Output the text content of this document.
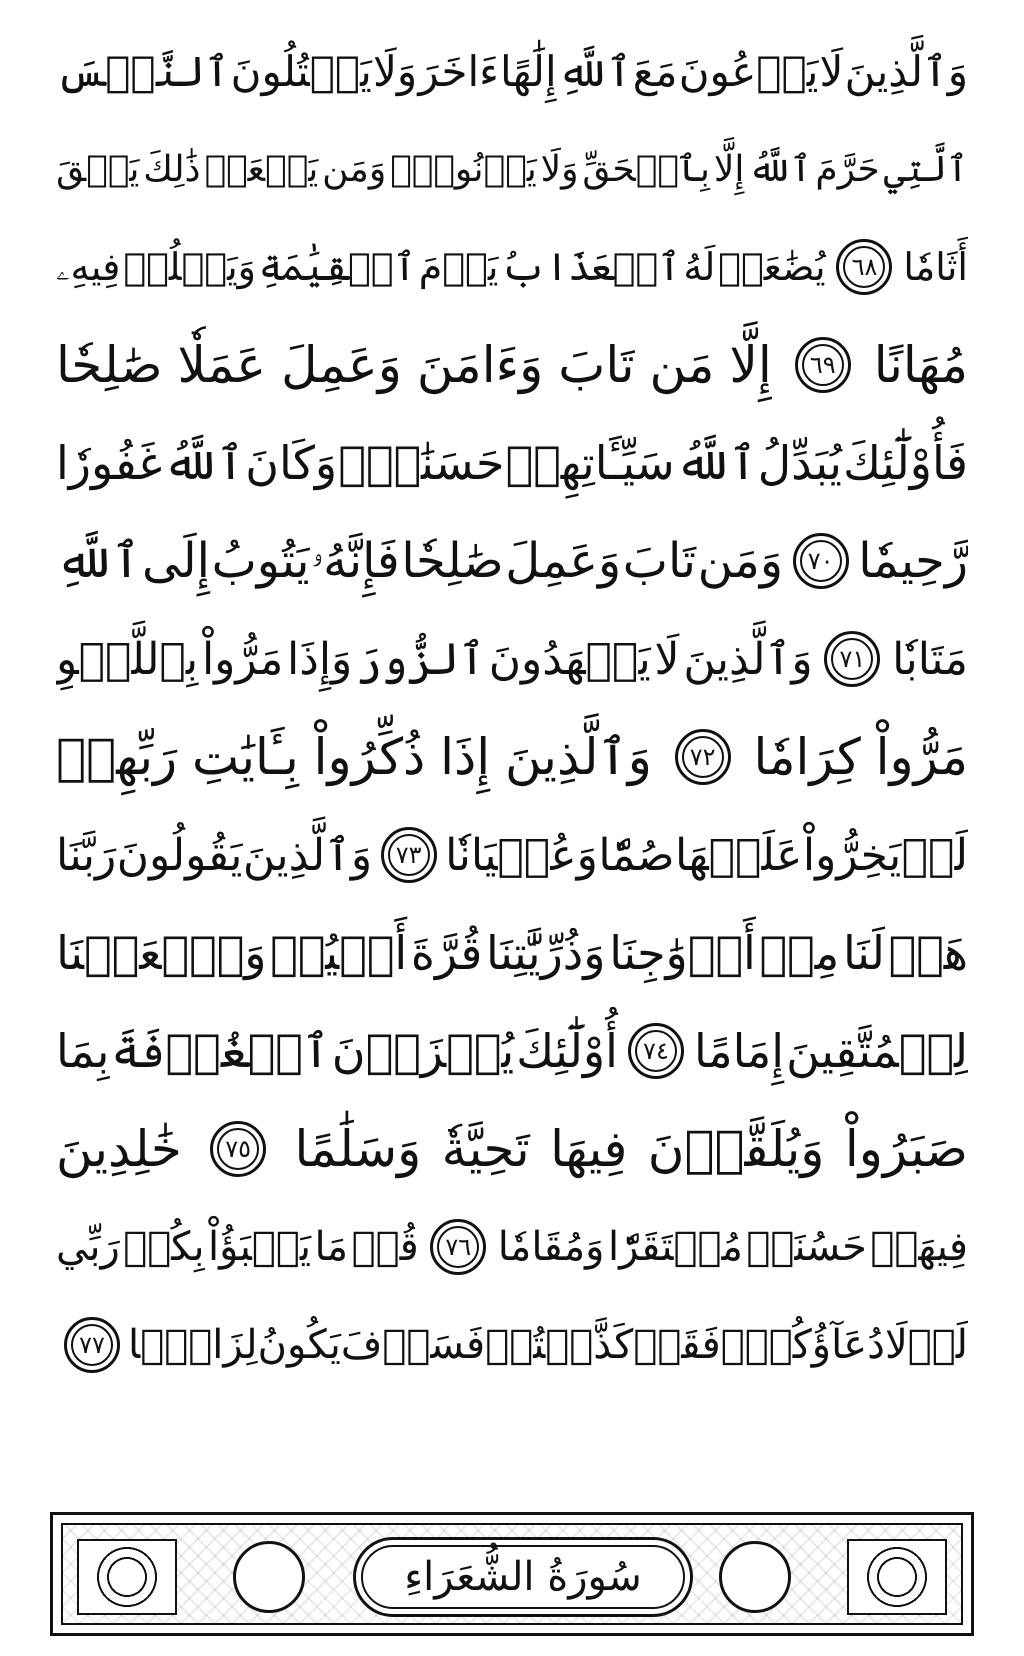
وَٱلَّذِينَ
لَا
يَدۡعُونَ
مَعَ
ٱللَّهِ
إِلَٰهًا
ءَاخَرَ
وَلَا
يَقۡتُلُونَ
ٱلنَّفۡسَ
ٱلَّتِي
حَرَّمَ
ٱللَّهُ
إِلَّا
بِٱلۡحَقِّ
وَلَا
يَزۡنُونَۚ
وَمَن
يَفۡعَلۡ
ذَٰلِكَ
يَلۡقَ
أَثَامٗا
٦٨
يُضَٰعَفۡ
لَهُ
ٱلۡعَذَابُ
يَوۡمَ
ٱلۡقِيَٰمَةِ
وَيَخۡلُدۡ
فِيهِۦ
مُهَانًا
٦٩
إِلَّا
مَن
تَابَ
وَءَامَنَ
وَعَمِلَ
عَمَلٗا
صَٰلِحٗا
فَأُوْلَٰٓئِكَ
يُبَدِّلُ
ٱللَّهُ
سَيِّـَٔاتِهِمۡ
حَسَنَٰتٖۗ
وَكَانَ
ٱللَّهُ
غَفُورٗا
رَّحِيمٗا
٧٠
وَمَن
تَابَ
وَعَمِلَ
صَٰلِحٗا
فَإِنَّهُۥ
يَتُوبُ
إِلَى
ٱللَّهِ
مَتَابٗا
٧١
وَٱلَّذِينَ
لَا
يَشۡهَدُونَ
ٱلزُّورَ
وَإِذَا
مَرُّواْ
بِٱللَّغۡوِ
مَرُّواْ
كِرَامٗا
٧٢
وَٱلَّذِينَ
إِذَا
ذُكِّرُواْ
بِـَٔايَٰتِ
رَبِّهِمۡ
لَمۡ
يَخِرُّواْ
عَلَيۡهَا
صُمّٗا
وَعُمۡيَانٗا
٧٣
وَٱلَّذِينَ
يَقُولُونَ
رَبَّنَا
هَبۡ
لَنَا
مِنۡ
أَزۡوَٰجِنَا
وَذُرِّيَّٰتِنَا
قُرَّةَ
أَعۡيُنٖ
وَٱجۡعَلۡنَا
لِلۡمُتَّقِينَ
إِمَامًا
٧٤
أُوْلَٰٓئِكَ
يُجۡزَوۡنَ
ٱلۡغُرۡفَةَ
بِمَا
صَبَرُواْ
وَيُلَقَّوۡنَ
فِيهَا
تَحِيَّةٗ
وَسَلَٰمًا
٧٥
خَٰلِدِينَ
فِيهَاۚ
حَسُنَتۡ
مُسۡتَقَرّٗا
وَمُقَامٗا
٧٦
قُلۡ
مَا
يَعۡبَؤُاْ
بِكُمۡ
رَبِّي
لَوۡلَا
دُعَآؤُكُمۡۖ
فَقَدۡ
كَذَّبۡتُمۡ
فَسَوۡفَ
يَكُونُ
لِزَامَۢا
٧٧
سُورَةُ الشُّعَرَاءِ
